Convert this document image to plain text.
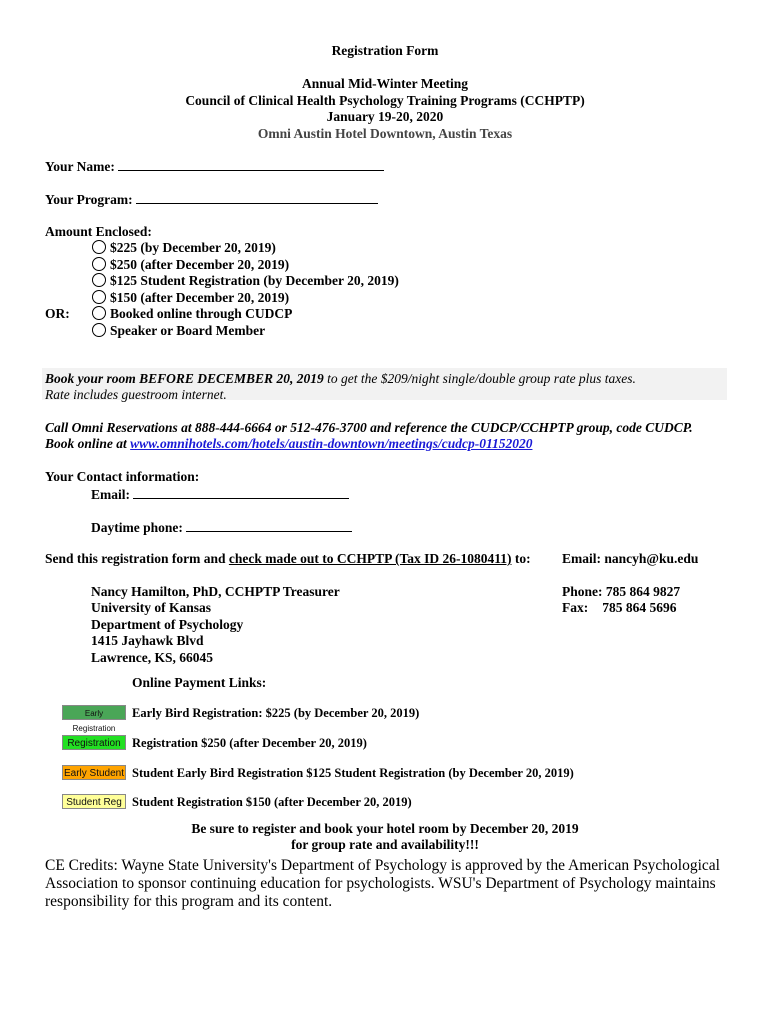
Registration Form
Annual Mid-Winter Meeting
Council of Clinical Health Psychology Training Programs (CCHPTP)
January 19-20, 2020
Omni Austin Hotel Downtown, Austin Texas
Your Name:
Your Program:
Amount Enclosed:
OR:
$225 (by December 20, 2019)
$250 (after December 20, 2019)
$125 Student Registration (by December 20, 2019)
$150 (after December 20, 2019)
Booked online through CUDCP
Speaker or Board Member
Book your room BEFORE DECEMBER 20, 2019 to get the $209/night single/double group rate plus taxes.
Rate includes guestroom internet.
Call Omni Reservations at 888-444-6664 or 512-476-3700 and reference the CUDCP/CCHPTP group, code CUDCP.
Book online at www.omnihotels.com/hotels/austin-downtown/meetings/cudcp-01152020
Your Contact information:
Email:
Daytime phone:
Send this registration form and check made out to CCHPTP (Tax ID 26-1080411) to: Email: nancyh@ku.edu
Nancy Hamilton, PhD, CCHPTP Treasurer
University of Kansas
Department of Psychology
1415 Jayhawk Blvd
Lawrence, KS, 66045
Phone: 785 864 9827
Fax: 785 864 5696
Online Payment Links:
Early Registration
Early Bird Registration: $225 (by December 20, 2019)
Registration Registration $250 (after December 20, 2019)
Early Student Student Early Bird Registration $125 Student Registration (by December 20, 2019)
Student Reg Student Registration $150 (after December 20, 2019)
Be sure to register and book your hotel room by December 20, 2019
for group rate and availability!!!
CE Credits: Wayne State University's Department of Psychology is approved by the American Psychological Association to sponsor continuing education for psychologists. WSU's Department of Psychology maintains responsibility for this program and its content.
